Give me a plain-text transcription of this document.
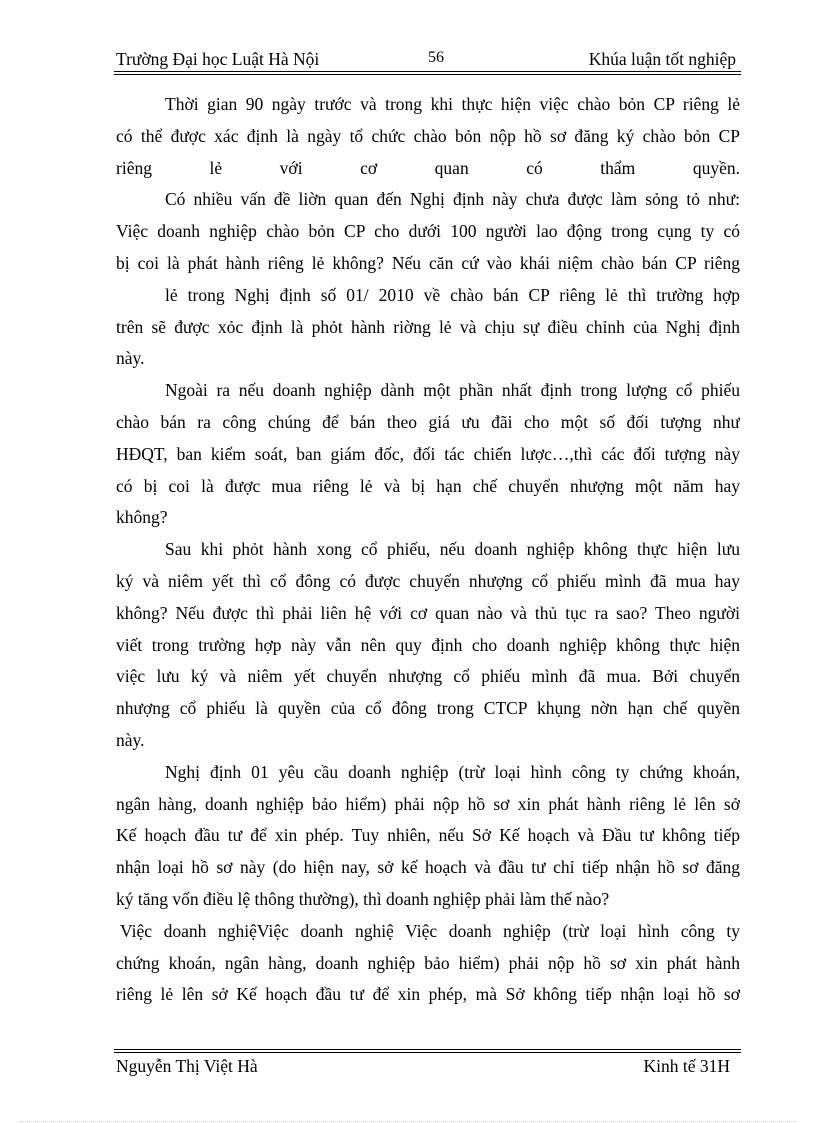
Trường Đại học Luật Hà Nội	56	Khúa luận tốt nghiệp
Thời gian 90 ngày trước và trong khi thực hiện việc chào bỏn CP riêng lẻ
có thể được xác định là ngày tổ chức chào bỏn nộp hồ sơ đăng ký chào bỏn CP
riêng lẻ với cơ quan có thẩm quyền.
Có nhiều vấn đề liờn quan đến Nghị định này chưa được làm sỏng tỏ như:
Việc doanh nghiệp chào bỏn CP cho dưới 100 người lao động trong cụng ty có
bị coi là phát hành riêng lẻ không? Nếu căn cứ vào khái niệm chào bán CP riêng
lẻ trong Nghị định số 01/ 2010 về chào bán CP riêng lẻ thì trường hợp
trên sẽ được xỏc định là phỏt hành riờng lẻ và chịu sự điều chỉnh của Nghị định
này.
Ngoài ra nếu doanh nghiệp dành một phần nhất định trong lượng cổ phiếu
chào bán ra công chúng để bán theo giá ưu đãi cho một số đối tượng như
HĐQT, ban kiểm soát, ban giám đốc, đối tác chiến lược…,thì các đối tượng này
có bị coi là được mua riêng lẻ và bị hạn chế chuyển nhượng một năm hay
không?
Sau khi phỏt hành xong cổ phiếu, nếu doanh nghiệp không thực hiện lưu
ký và niêm yết thì cổ đông có được chuyển nhượng cổ phiếu mình đã mua hay
không? Nếu được thì phải liên hệ với cơ quan nào và thủ tục ra sao? Theo người
viết trong trường hợp này vẫn nên quy định cho doanh nghiệp không thực hiện
việc lưu ký và niêm yết chuyển nhượng cổ phiếu mình đã mua. Bởi chuyển
nhượng cổ phiếu là quyền của cổ đông trong CTCP khụng nờn hạn chế quyền
này.
Nghị định 01 yêu cầu doanh nghiệp (trừ loại hình công ty chứng khoán,
ngân hàng, doanh nghiệp bảo hiểm) phải nộp hồ sơ xin phát hành riêng lẻ lên sở
Kế hoạch đầu tư để xin phép. Tuy nhiên, nếu Sở Kế hoạch và Đầu tư không tiếp
nhận loại hồ sơ này (do hiện nay, sở kế hoạch và đầu tư chỉ tiếp nhận hồ sơ đăng
ký tăng vốn điều lệ thông thường), thì doanh nghiệp phải làm thế nào?
Việc doanh nghiệViệc doanh nghiệ Việc doanh nghiệp (trừ loại hình công ty
chứng khoán, ngân hàng, doanh nghiệp bảo hiểm) phải nộp hồ sơ xin phát hành
riêng lẻ lên sở Kế hoạch đầu tư để xin phép, mà Sở không tiếp nhận loại hồ sơ
Nguyễn Thị Việt Hà	Kinh tế 31H
